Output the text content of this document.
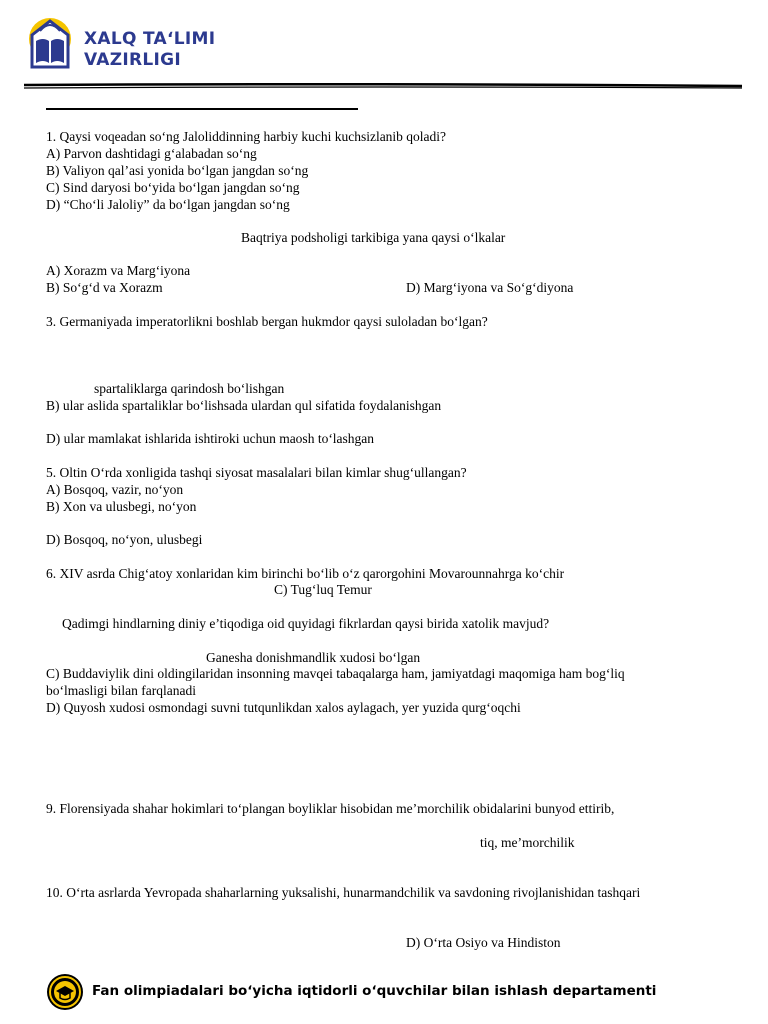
XALQ TAʻLIMI
VAZIRLIGI
1. Qaysi voqeadan soʻng Jaloliddinning harbiy kuchi kuchsizlanib qoladi?
A) Parvon dashtidagi gʻalabadan soʻng
B) Valiyon qal’asi yonida boʻlgan jangdan soʻng
C) Sind daryosi boʻyida boʻlgan jangdan soʻng
D) “Choʻli Jaloliy” da boʻlgan jangdan soʻng
Baqtriya podsholigi tarkibiga yana qaysi oʻlkalar
A) Xorazm va Margʻiyona
B) Soʻgʻd va Xorazm	D) Margʻiyona va Soʻgʻdiyona
3. Germaniyada imperatorlikni boshlab bergan hukmdor qaysi suloladan boʻlgan?
spartaliklarga qarindosh boʻlishgan
B) ular aslida spartaliklar boʻlishsada ulardan qul sifatida foydalanishgan
D) ular mamlakat ishlarida ishtiroki uchun maosh toʻlashgan
5. Oltin Oʻrda xonligida tashqi siyosat masalalari bilan kimlar shugʻullangan?
A) Bosqoq, vazir, noʻyon
B) Xon va ulusbegi, noʻyon
D) Bosqoq, noʻyon, ulusbegi
6. XIV asrda Chigʻatoy xonlaridan kim birinchi boʻlib oʻz qarorgohini Movarounnahrga koʻchir
C) Tugʻluq Temur
Qadimgi hindlarning diniy e’tiqodiga oid quyidagi fikrlardan qaysi birida xatolik mavjud?
Ganesha donishmandlik xudosi boʻlgan
C) Buddaviylik dini oldingilaridan insonning mavqei tabaqalarga ham, jamiyatdagi maqomiga ham bogʻliq
boʻlmasligi bilan farqlanadi
D) Quyosh xudosi osmondagi suvni tutqunlikdan xalos aylagach, yer yuzida qurgʻoqchi
9. Florensiyada shahar hokimlari toʻplangan boyliklar hisobidan me’morchilik obidalarini bunyod ettirib,
tiq, me’morchilik
10. Oʻrta asrlarda Yevropada shaharlarning yuksalishi, hunarmandchilik va savdoning rivojlanishidan tashqari
D) Oʻrta Osiyo va Hindiston
Fan olimpiadalari boʻyicha iqtidorli oʻquvchilar bilan ishlash departamenti
